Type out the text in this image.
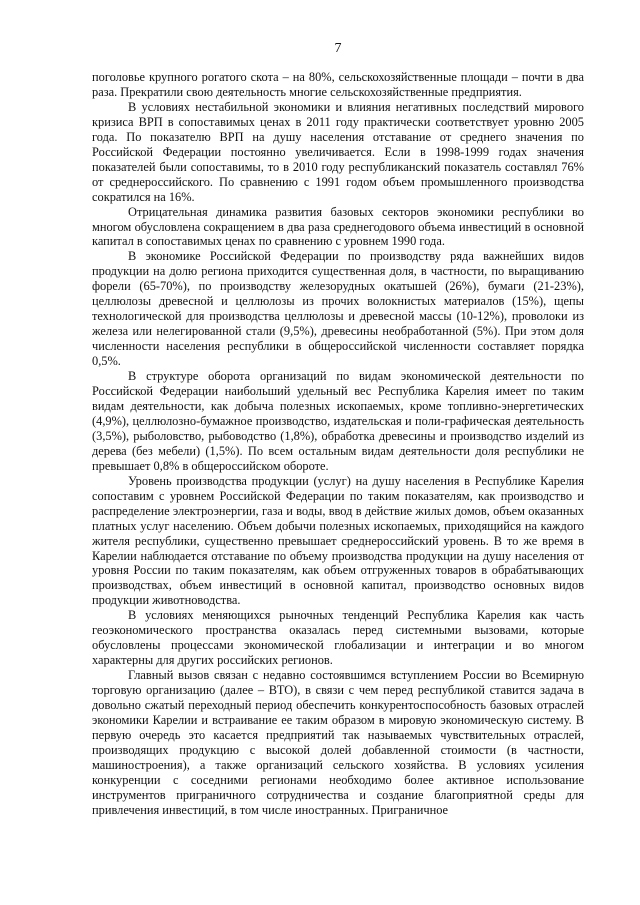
7

поголовье крупного рогатого скота – на 80%, сельскохозяйственные площади – почти в два раза. Прекратили свою деятельность многие сельскохозяйственные предприятия.

В условиях нестабильной экономики и влияния негативных последствий мирового кризиса ВРП в сопоставимых ценах в 2011 году практически соответствует уровню 2005 года. По показателю ВРП на душу населения отставание от среднего значения по Российской Федерации постоянно увеличивается. Если в 1998-1999 годах значения показателей были сопоставимы, то в 2010 году республиканский показатель составлял 76% от среднероссийского. По сравнению с 1991 годом объем промышленного производства сократился на 16%.

Отрицательная динамика развития базовых секторов экономики республики во многом обусловлена сокращением в два раза среднегодового объема инвестиций в основной капитал в сопоставимых ценах по сравнению с уровнем 1990 года.

В экономике Российской Федерации по производству ряда важнейших видов продукции на долю региона приходится существенная доля, в частности, по выращиванию форели (65-70%), по производству железорудных окатышей (26%), бумаги (21-23%), целлюлозы древесной и целлюлозы из прочих волокнистых материалов (15%), щепы технологической для производства целлюлозы и древесной массы (10-12%), проволоки из железа или нелегированной стали (9,5%), древесины необработанной (5%). При этом доля численности населения республики в общероссийской численности составляет порядка 0,5%.

В структуре оборота организаций по видам экономической деятельности по Российской Федерации наибольший удельный вес Республика Карелия имеет по таким видам деятельности, как добыча полезных ископаемых, кроме топливно-энергетических (4,9%), целлюлозно-бумажное производство, издательская и поли-графическая деятельность (3,5%), рыболовство, рыбоводство (1,8%), обработка древесины и производство изделий из дерева (без мебели) (1,5%). По всем остальным видам деятельности доля республики не превышает 0,8% в общероссийском обороте.

Уровень производства продукции (услуг) на душу населения в Республике Карелия сопоставим с уровнем Российской Федерации по таким показателям, как производство и распределение электроэнергии, газа и воды, ввод в действие жилых домов, объем оказанных платных услуг населению. Объем добычи полезных ископаемых, приходящийся на каждого жителя республики, существенно превышает среднероссийский уровень. В то же время в Карелии наблюдается отставание по объему производства продукции на душу населения от уровня России по таким показателям, как объем отгруженных товаров в обрабатывающих производствах, объем инвестиций в основной капитал, производство основных видов продукции животноводства.

В условиях меняющихся рыночных тенденций Республика Карелия как часть геоэкономического пространства оказалась перед системными вызовами, которые обусловлены процессами экономической глобализации и интеграции и во многом характерны для других российских регионов.

Главный вызов связан с недавно состоявшимся вступлением России во Всемирную торговую организацию (далее – ВТО), в связи с чем перед республикой ставится задача в довольно сжатый переходный период обеспечить конкурентоспособность базовых отраслей экономики Карелии и встраивание ее таким образом в мировую экономическую систему. В первую очередь это касается предприятий так называемых чувствительных отраслей, производящих продукцию с высокой долей добавленной стоимости (в частности, машиностроения), а также организаций сельского хозяйства. В условиях усиления конкуренции с соседними регионами необходимо более активное использование инструментов приграничного сотрудничества и создание благоприятной среды для привлечения инвестиций, в том числе иностранных. Приграничное
